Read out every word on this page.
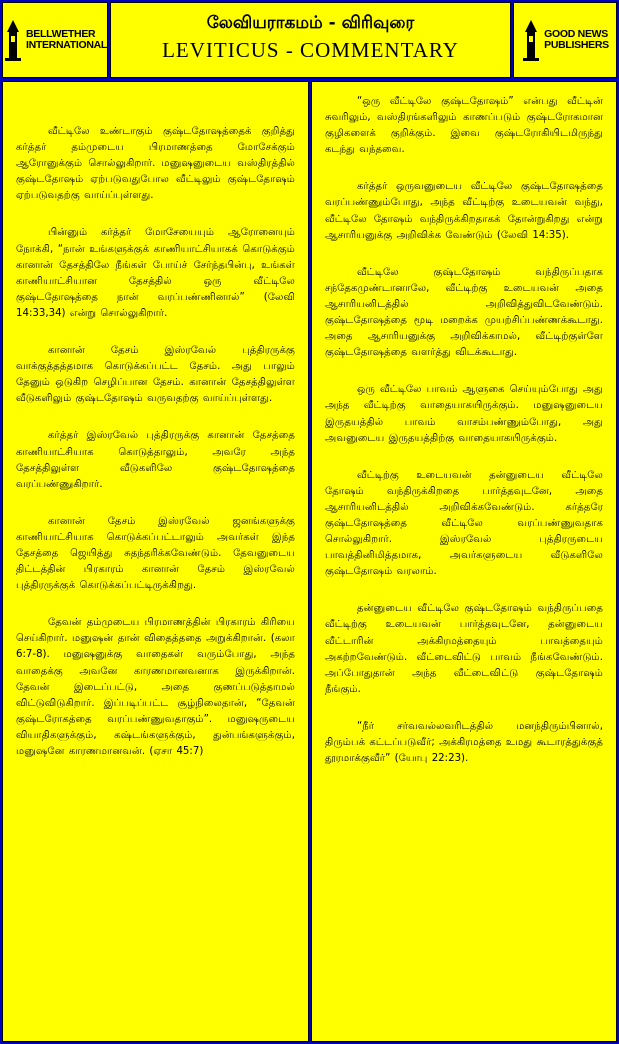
BELLWETHER
INTERNATIONAL
லேவியராகமம் - விரிவுரை
LEVITICUS - COMMENTARY
GOOD NEWS
PUBLISHERS

வீட்டிலே உண்டாகும் குஷ்டதோஷத்தைக் குறித்து கர்த்தர் தம்முடைய பிரமாணத்தை மோசேக்கும் ஆரோனுக்கும் சொல்லுகிறார். மனுஷனுடைய வஸ்திரத்தில் குஷ்டதோஷம் ஏற்படுவதுபோல வீட்டிலும் குஷ்டதோஷம் ஏற்படுவதற்கு வாய்ப்புள்ளது.

பின்னும் கர்த்தர் மோசேயையும் ஆரோனையும் நோக்கி, “நான் உங்களுக்குக் காணியாட்சியாகக் கொடுக்கும் கானான் தேசத்திலே நீங்கள் போய்ச் சேர்ந்தபின்பு, உங்கள் காணியாட்சியான தேசத்தில் ஒரு வீட்டிலே குஷ்டதோஷத்தை நான் வரப்பண்ணினால்” (லேவி 14:33,34) என்று சொல்லுகிறார்.

கானான் தேசம் இஸ்ரவேல் புத்திரருக்கு வாக்குத்தத்தமாக கொடுக்கப்பட்ட தேசம். அது பாலும் தேனும் ஒடுகிற செழிப்பான தேசம். கானான் தேசத்திலுள்ள வீடுகளிலும் குஷ்டதோஷம் வருவதற்கு வாய்ப்புள்ளது.

கர்த்தர் இஸ்ரவேல் புத்திரருக்கு கானான் தேசத்தை காணியாட்சியாக கொடுத்தாலும், அவரே அந்த தேசத்திலுள்ள வீடுகளிலே குஷ்டதோஷத்தை வரப்பண்ணுகிறார்.

கானான் தேசம் இஸ்ரவேல் ஜனங்களுக்கு காணியாட்சியாக கொடுக்கப்பட்டாலும் அவர்கள் இந்த தேசத்தை ஜெயித்து சுதந்தரிக்கவேண்டும். தேவனுடைய திட்டத்தின் பிரகாரம் கானான் தேசம் இஸ்ரவேல் புத்திரருக்குக் கொடுக்கப்பட்டிருக்கிறது.

தேவன் தம்முடைய பிரமாணத்தின் பிரகாரம் கிரியை செய்கிறார். மனுஷன் தான் விதைத்ததை அறுக்கிறான். (கலா 6:7-8). மனுஷனுக்கு வாதைகள் வரும்போது, அந்த வாதைக்கு அவனே காரணமானவனாக இருக்கிறான். தேவன் இடைப்பட்டு, அதை குணப்படுத்தாமல் விட்டுவிடுகிறார். இப்படிப்பட்ட சூழ்நிலைதான், “தேவன் குஷ்டரோகத்தை வரப்பண்ணுவதாகும்”. மனுஷருடைய வியாதிகளுக்கும், கஷ்டங்களுக்கும், துன்பங்களுக்கும், மனுஷனே காரணமானவன். (ஏசா 45:7)

“ஒரு வீட்டிலே குஷ்டதோஷம்” என்பது வீட்டின் சுவரிலும், வஸ்திரங்களிலும் காணப்படும் குஷ்டரோகமான குழிகளைக் குறிக்கும். இவை குஷ்டரோகியிடமிருந்து கடந்து வந்தவை.

கர்த்தர் ஒருவனுடைய வீட்டிலே குஷ்டதோஷத்தை வரப்பண்ணும்போது, அந்த வீட்டிற்கு உடையவன் வந்து, வீட்டிலே தோஷம் வந்திருக்கிறதாகக் தோன்றுகிறது என்று ஆசாரியனுக்கு அறிவிக்க வேண்டும் (லேவி 14:35).

வீட்டிலே குஷ்டதோஷம் வந்திருப்பதாக சந்தேகமுண்டானாலே, வீட்டிற்கு உடையவன் அதை ஆசாரியனிடத்தில் அறிவித்துவிடவேண்டும். குஷ்டதோஷத்தை மூடி மறைக்க முயற்சிப்பண்ணக்கூடாது. அதை ஆசாரியனுக்கு அறிவிக்காமல், வீட்டிற்குள்ளே குஷ்டதோஷத்தை வளர்த்து விடக்கூடாது.

ஒரு வீட்டிலே பாவம் ஆளுகை செய்யும்போது அது அந்த வீட்டிற்கு வாதையாகயிருக்கும். மனுஷனுடைய இருதயத்தில் பாவம் வாசம்பண்ணும்போது, அது அவனுடைய இருதயத்திற்கு வாதையாகயிருக்கும்.

வீட்டிற்கு உடையவன் தன்னுடைய வீட்டிலே தோஷம் வந்திருக்கிறதை பார்த்தவுடனே, அதை ஆசாரியனிடத்தில் அறிவிக்கவேண்டும். கர்த்தரே குஷ்டதோஷத்தை வீட்டிலே வரப்பண்ணுவதாக சொல்லுகிறார். இஸ்ரவேல் புத்திரருடைய பாவத்தினிமித்தமாக, அவர்களுடைய வீடுகளிலே குஷ்டதோஷம் வரலாம்.

தன்னுடைய வீட்டிலே குஷ்டதோஷம் வந்திருப்பதை வீட்டிற்கு உடையவன் பார்த்தவுடனே, தன்னுடைய வீட்டாரின் அக்கிரமத்தையும் பாவத்தையும் அகற்றவேண்டும். வீட்டைவிட்டு பாவம் நீங்கவேண்டும். அப்போதுதான் அந்த வீட்டைவிட்டு குஷ்டதோஷம் நீங்கும்.

“நீர் சர்வவல்லவரிடத்தில் மனந்திரும்பினால், திரும்பக் கட்டப்படுவீர்; அக்கிரமத்தை உமது கூடாரத்துக்குத் தூரமாக்குவீர்” (யோபு 22:23).
